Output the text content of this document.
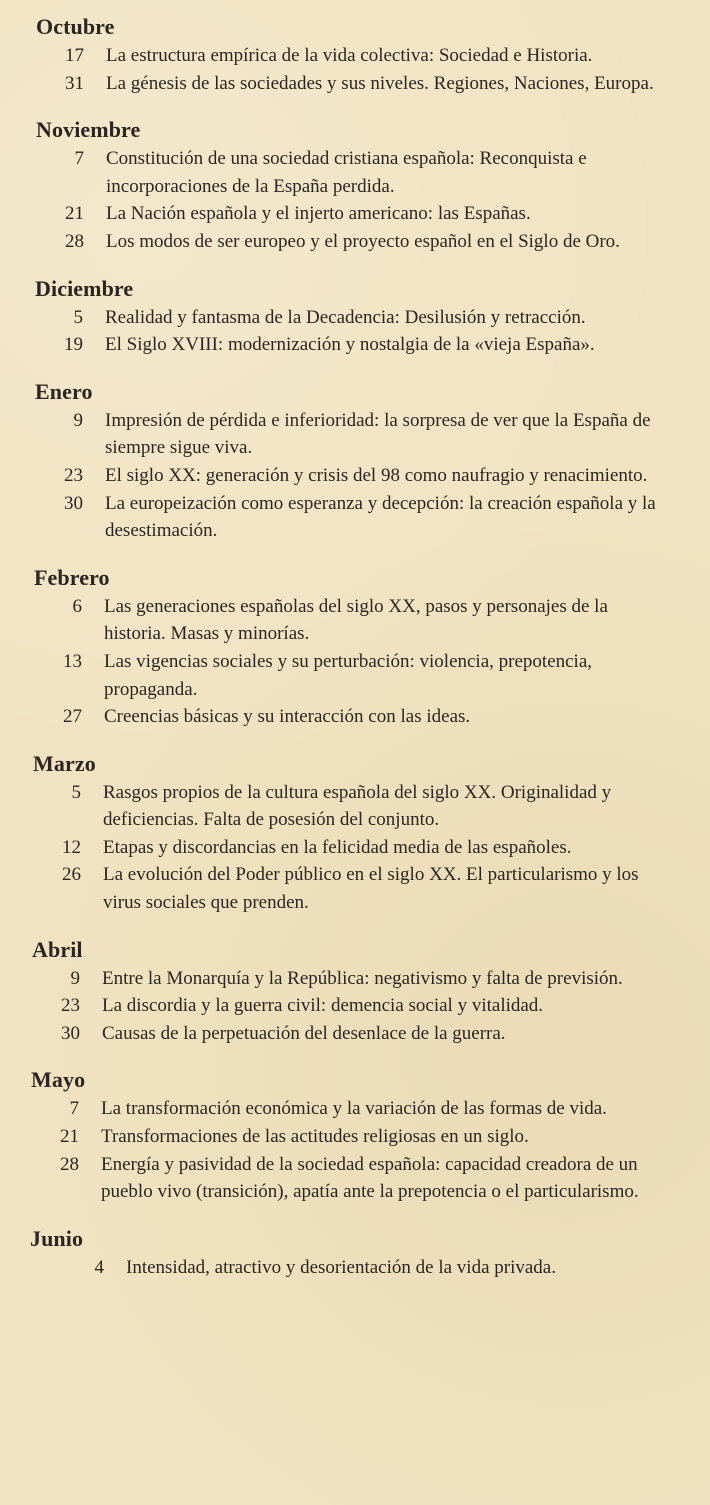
Octubre
17	La estructura empírica de la vida colectiva: Sociedad e Historia.
31	La génesis de las sociedades y sus niveles. Regiones, Naciones, Europa.
Noviembre
7	Constitución de una sociedad cristiana española: Reconquista e incorporaciones de la España perdida.
21	La Nación española y el injerto americano: las Españas.
28	Los modos de ser europeo y el proyecto español en el Siglo de Oro.
Diciembre
5	Realidad y fantasma de la Decadencia: Desilusión y retracción.
19	El Siglo XVIII: modernización y nostalgia de la «vieja España».
Enero
9	Impresión de pérdida e inferioridad: la sorpresa de ver que la España de siempre sigue viva.
23	El siglo XX: generación y crisis del 98 como naufragio y renacimiento.
30	La europeización como esperanza y decepción: la creación española y la desestimación.
Febrero
6	Las generaciones españolas del siglo XX, pasos y personajes de la historia. Masas y minorías.
13	Las vigencias sociales y su perturbación: violencia, prepotencia, propaganda.
27	Creencias básicas y su interacción con las ideas.
Marzo
5	Rasgos propios de la cultura española del siglo XX. Originalidad y deficiencias. Falta de posesión del conjunto.
12	Etapas y discordancias en la felicidad media de las españoles.
26	La evolución del Poder público en el siglo XX. El particularismo y los virus sociales que prenden.
Abril
9	Entre la Monarquía y la República: negativismo y falta de previsión.
23	La discordia y la guerra civil: demencia social y vitalidad.
30	Causas de la perpetuación del desenlace de la guerra.
Mayo
7	La transformación económica y la variación de las formas de vida.
21	Transformaciones de las actitudes religiosas en un siglo.
28	Energía y pasividad de la sociedad española: capacidad creadora de un pueblo vivo (transición), apatía ante la prepotencia o el particularismo.
Junio
4	Intensidad, atractivo y desorientación de la vida privada.
